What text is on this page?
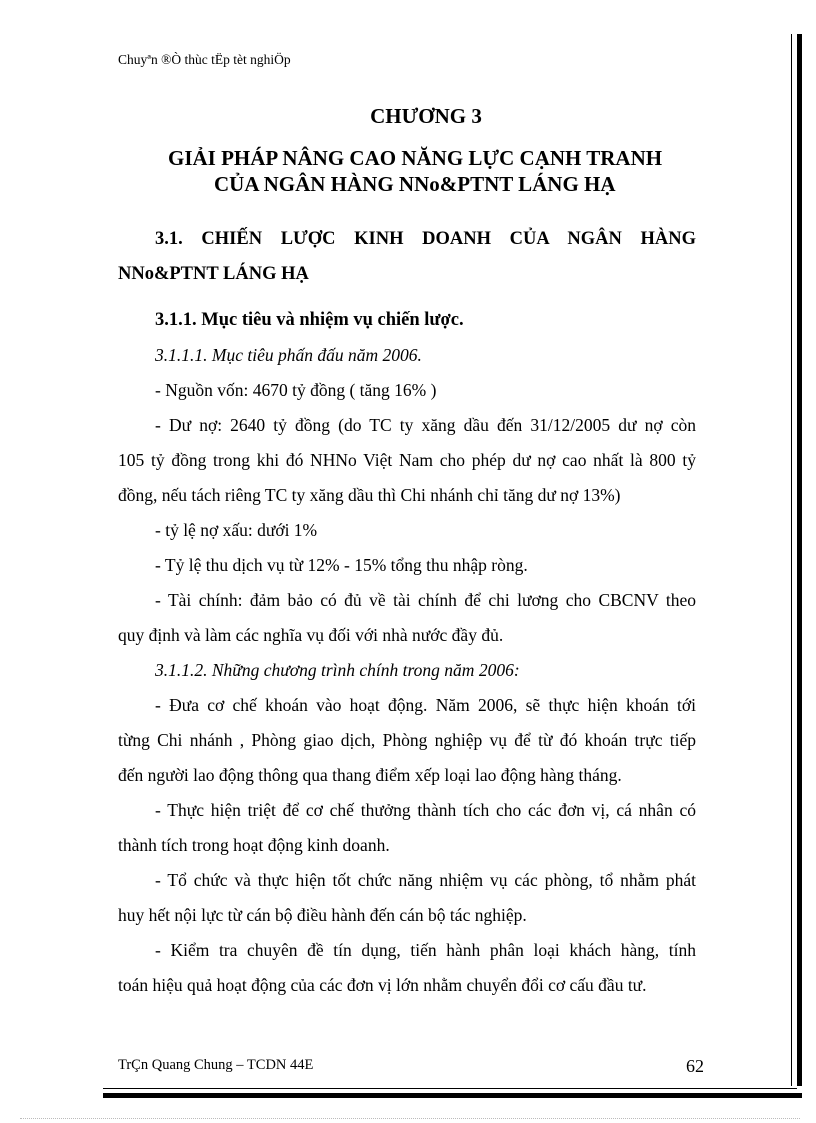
Chuyªn ®Ò thùc tËp tèt nghiÖp
CHƯƠNG 3
GIẢI PHÁP NÂNG CAO NĂNG LỰC CẠNH TRANH
CỦA NGÂN HÀNG NNo&PTNT LÁNG HẠ
3.1. CHIẾN LƯỢC KINH DOANH CỦA NGÂN HÀNG
NNo&PTNT LÁNG HẠ
3.1.1. Mục tiêu và nhiệm vụ chiến lược.
3.1.1.1. Mục tiêu phấn đấu năm 2006.
- Nguồn vốn: 4670 tỷ đồng ( tăng 16% )
- Dư nợ: 2640 tỷ đồng (do TC ty xăng dầu đến 31/12/2005 dư nợ còn
105 tỷ đồng trong khi đó NHNo Việt Nam cho phép dư nợ cao nhất là 800 tỷ
đồng, nếu tách riêng TC ty xăng dầu thì Chi nhánh chỉ tăng dư nợ 13%)
- tỷ lệ nợ xấu: dưới 1%
- Tỷ lệ thu dịch vụ từ 12% - 15% tổng thu nhập ròng.
- Tài chính: đảm bảo có đủ về tài chính để chi lương cho CBCNV theo
quy định và làm các nghĩa vụ đối với nhà nước đầy đủ.
3.1.1.2. Những chương trình chính trong năm 2006:
- Đưa cơ chế khoán vào hoạt động. Năm 2006, sẽ thực hiện khoán tới
từng Chi nhánh , Phòng giao dịch, Phòng nghiệp vụ để từ đó khoán trực tiếp
đến người lao động thông qua thang điểm xếp loại lao động hàng tháng.
- Thực hiện triệt để cơ chế thưởng thành tích cho các đơn vị, cá nhân có
thành tích trong hoạt động kinh doanh.
- Tổ chức và thực hiện tốt chức năng nhiệm vụ các phòng, tổ nhằm phát
huy hết nội lực từ cán bộ điều hành đến cán bộ tác nghiệp.
- Kiểm tra chuyên đề tín dụng, tiến hành phân loại khách hàng, tính
toán hiệu quả hoạt động của các đơn vị lớn nhằm chuyển đổi cơ cấu đầu tư.
TrÇn Quang Chung – TCDN 44E	62
